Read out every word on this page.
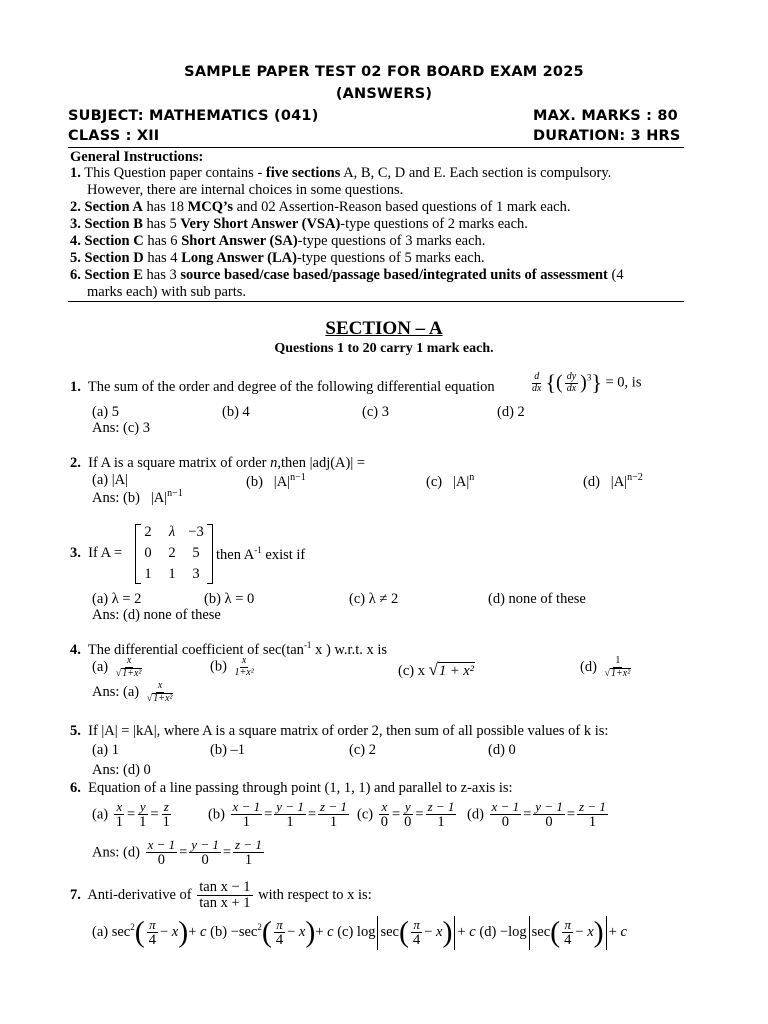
SAMPLE PAPER TEST 02 FOR BOARD EXAM 2025
(ANSWERS)
SUBJECT: MATHEMATICS (041)	MAX. MARKS : 80
CLASS : XII	DURATION: 3 HRS
General Instructions:
1. This Question paper contains - five sections A, B, C, D and E. Each section is compulsory.
However, there are internal choices in some questions.
2. Section A has 18 MCQ’s and 02 Assertion-Reason based questions of 1 mark each.
3. Section B has 5 Very Short Answer (VSA)-type questions of 2 marks each.
4. Section C has 6 Short Answer (SA)-type questions of 3 marks each.
5. Section D has 4 Long Answer (LA)-type questions of 5 marks each.
6. Section E has 3 source based/case based/passage based/integrated units of assessment (4
marks each) with sub parts.
SECTION – A
Questions 1 to 20 carry 1 mark each.
1. The sum of the order and degree of the following differential equation	$\frac{d}{dx}$ {( $\frac{dy}{dx} )^3\} = 0$, is
(a) 5	(b) 4	(c) 3	(d) 2
Ans: (c) 3
2. If A is a square matrix of order n,then |adj(A)| =
(a) |A|	(b) $|A|^{n-1}$	(c) $|A|^n$	(d) $|A|^{n-2}$
Ans: (b) $|A|^{n-1}$
3. If A =
2	λ −3
0	2	5
1	1	3
then $A^{-1}$ exist if
(a) λ = 2	(b) λ = 0	(c) λ ≠ 2	(d) none of these
Ans: (d) none of these
4. The differential coefficient of $\sec(\tan^{-1}$ x ) w.r.t. x is
$(a) \frac{x}{\text{√1+x²}}$	$(b) \frac{x}{\text{1+x²}}$	(c) x √1 + x²	$(d) \frac{1}{\text{√1+x²}}$
Ans: $(a) \frac{x}{\text{√1+x²}}$
5. If |A| = |kA|, where A is a square matrix of order 2, then sum of all possible values of k is:
(a) 1	(b) –1	(c) 2	(d) 0
Ans: (d) 0
6. Equation of a line passing through point (1, 1, 1) and parallel to z-axis is:
$(a) \frac{x}{1} = \frac{y}{1} = \frac{z}{1} (b) \frac{x - 1}{1} = \frac{y - 1}{1} = \frac{z - 1}{1} (c) \frac{x}{0} = \frac{y}{0} = \frac{z - 1}{1} (d) \frac{x - 1}{0} = \frac{y - 1}{0} = \frac{z - 1}{1}$
Ans: $(d) \frac{x - 1}{0} = \frac{y - 1}{0} = \frac{z - 1}{1}$
7. Anti-derivative of $\frac{\text{tan x − 1}}{\text{tan x + 1}}$ with respect to x is:
(a) $\sec^2( \frac{\pi}{4} - x)+ c$ $(b) -\sec^2( \frac{\pi}{4} - x)+ c$ (c) $\log \sec( \frac{\pi}{4} - x) + c$ (d) −log $\sec( \frac{\pi}{4} - x) + c$
